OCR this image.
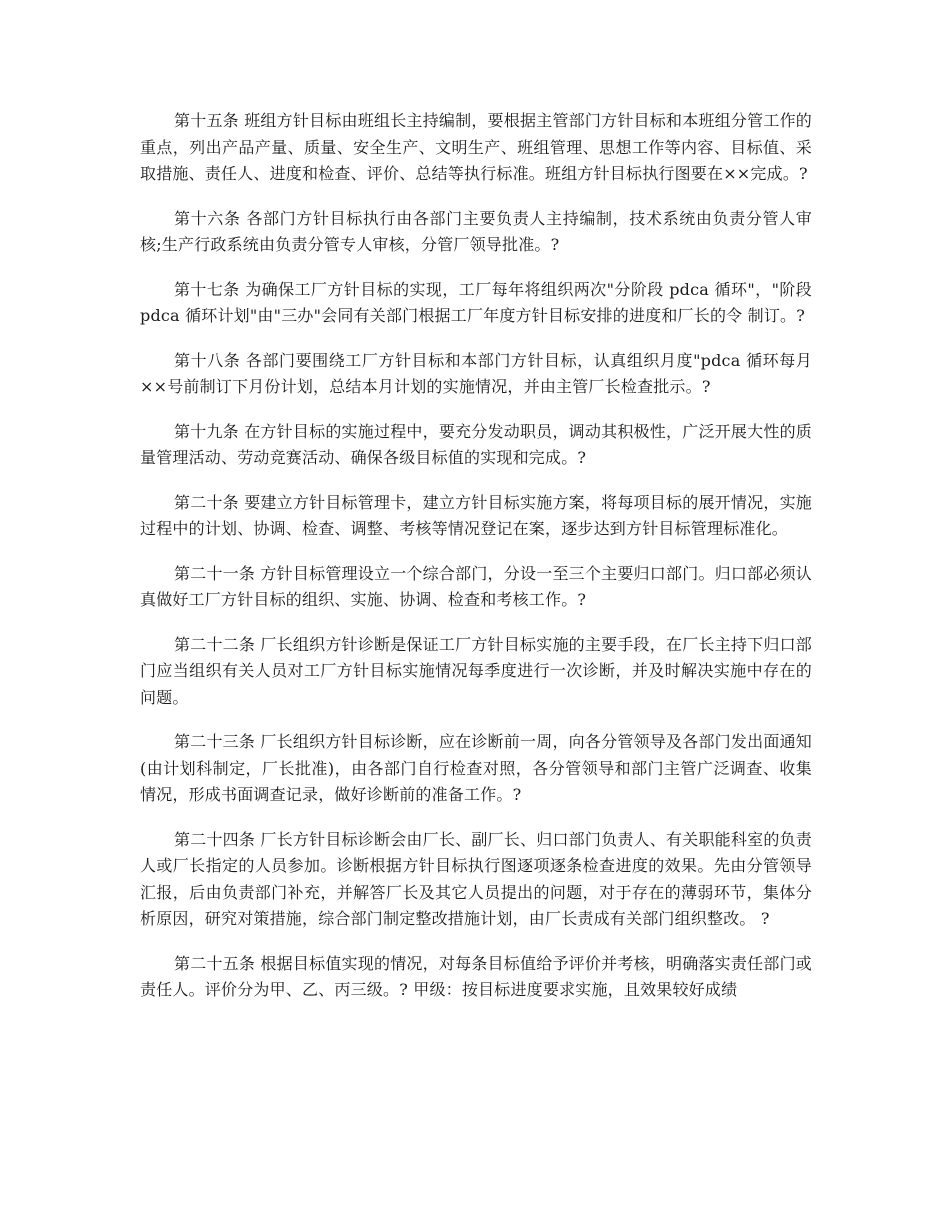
第十五条 班组方针目标由班组长主持编制，要根据主管部门方针目标和本班组分管工作的重点，列出产品产量、质量、安全生产、文明生产、班组管理、思想工作等内容、目标值、采取措施、责任人、进度和检查、评价、总结等执行标准。班组方针目标执行图要在××完成。?

第十六条 各部门方针目标执行由各部门主要负责人主持编制，技术系统由负责分管人审核;生产行政系统由负责分管专人审核，分管厂领导批准。?

第十七条 为确保工厂方针目标的实现，工厂每年将组织两次"分阶段 pdca 循环"，"阶段 pdca 循环计划"由"三办"会同有关部门根据工厂年度方针目标安排的进度和厂长的令 制订。?

第十八条 各部门要围绕工厂方针目标和本部门方针目标，认真组织月度"pdca 循环每月××号前制订下月份计划，总结本月计划的实施情况，并由主管厂长检查批示。?

第十九条 在方针目标的实施过程中，要充分发动职员，调动其积极性，广泛开展大性的质量管理活动、劳动竞赛活动、确保各级目标值的实现和完成。?

第二十条 要建立方针目标管理卡，建立方针目标实施方案，将每项目标的展开情况，实施过程中的计划、协调、检查、调整、考核等情况登记在案，逐步达到方针目标管理标准化。

第二十一条 方针目标管理设立一个综合部门，分设一至三个主要归口部门。归口部必须认真做好工厂方针目标的组织、实施、协调、检查和考核工作。?

第二十二条 厂长组织方针诊断是保证工厂方针目标实施的主要手段，在厂长主持下归口部门应当组织有关人员对工厂方针目标实施情况每季度进行一次诊断，并及时解决实施中存在的问题。

第二十三条 厂长组织方针目标诊断，应在诊断前一周，向各分管领导及各部门发出面通知(由计划科制定，厂长批准)，由各部门自行检查对照，各分管领导和部门主管广泛调查、收集情况，形成书面调查记录，做好诊断前的准备工作。?

第二十四条 厂长方针目标诊断会由厂长、副厂长、归口部门负责人、有关职能科室的负责人或厂长指定的人员参加。诊断根据方针目标执行图逐项逐条检查进度的效果。先由分管领导汇报，后由负责部门补充，并解答厂长及其它人员提出的问题，对于存在的薄弱环节，集体分析原因，研究对策措施，综合部门制定整改措施计划，由厂长责成有关部门组织整改。 ?

第二十五条 根据目标值实现的情况，对每条目标值给予评价并考核，明确落实责任部门或责任人。评价分为甲、乙、丙三级。? 甲级：按目标进度要求实施，且效果较好成绩
